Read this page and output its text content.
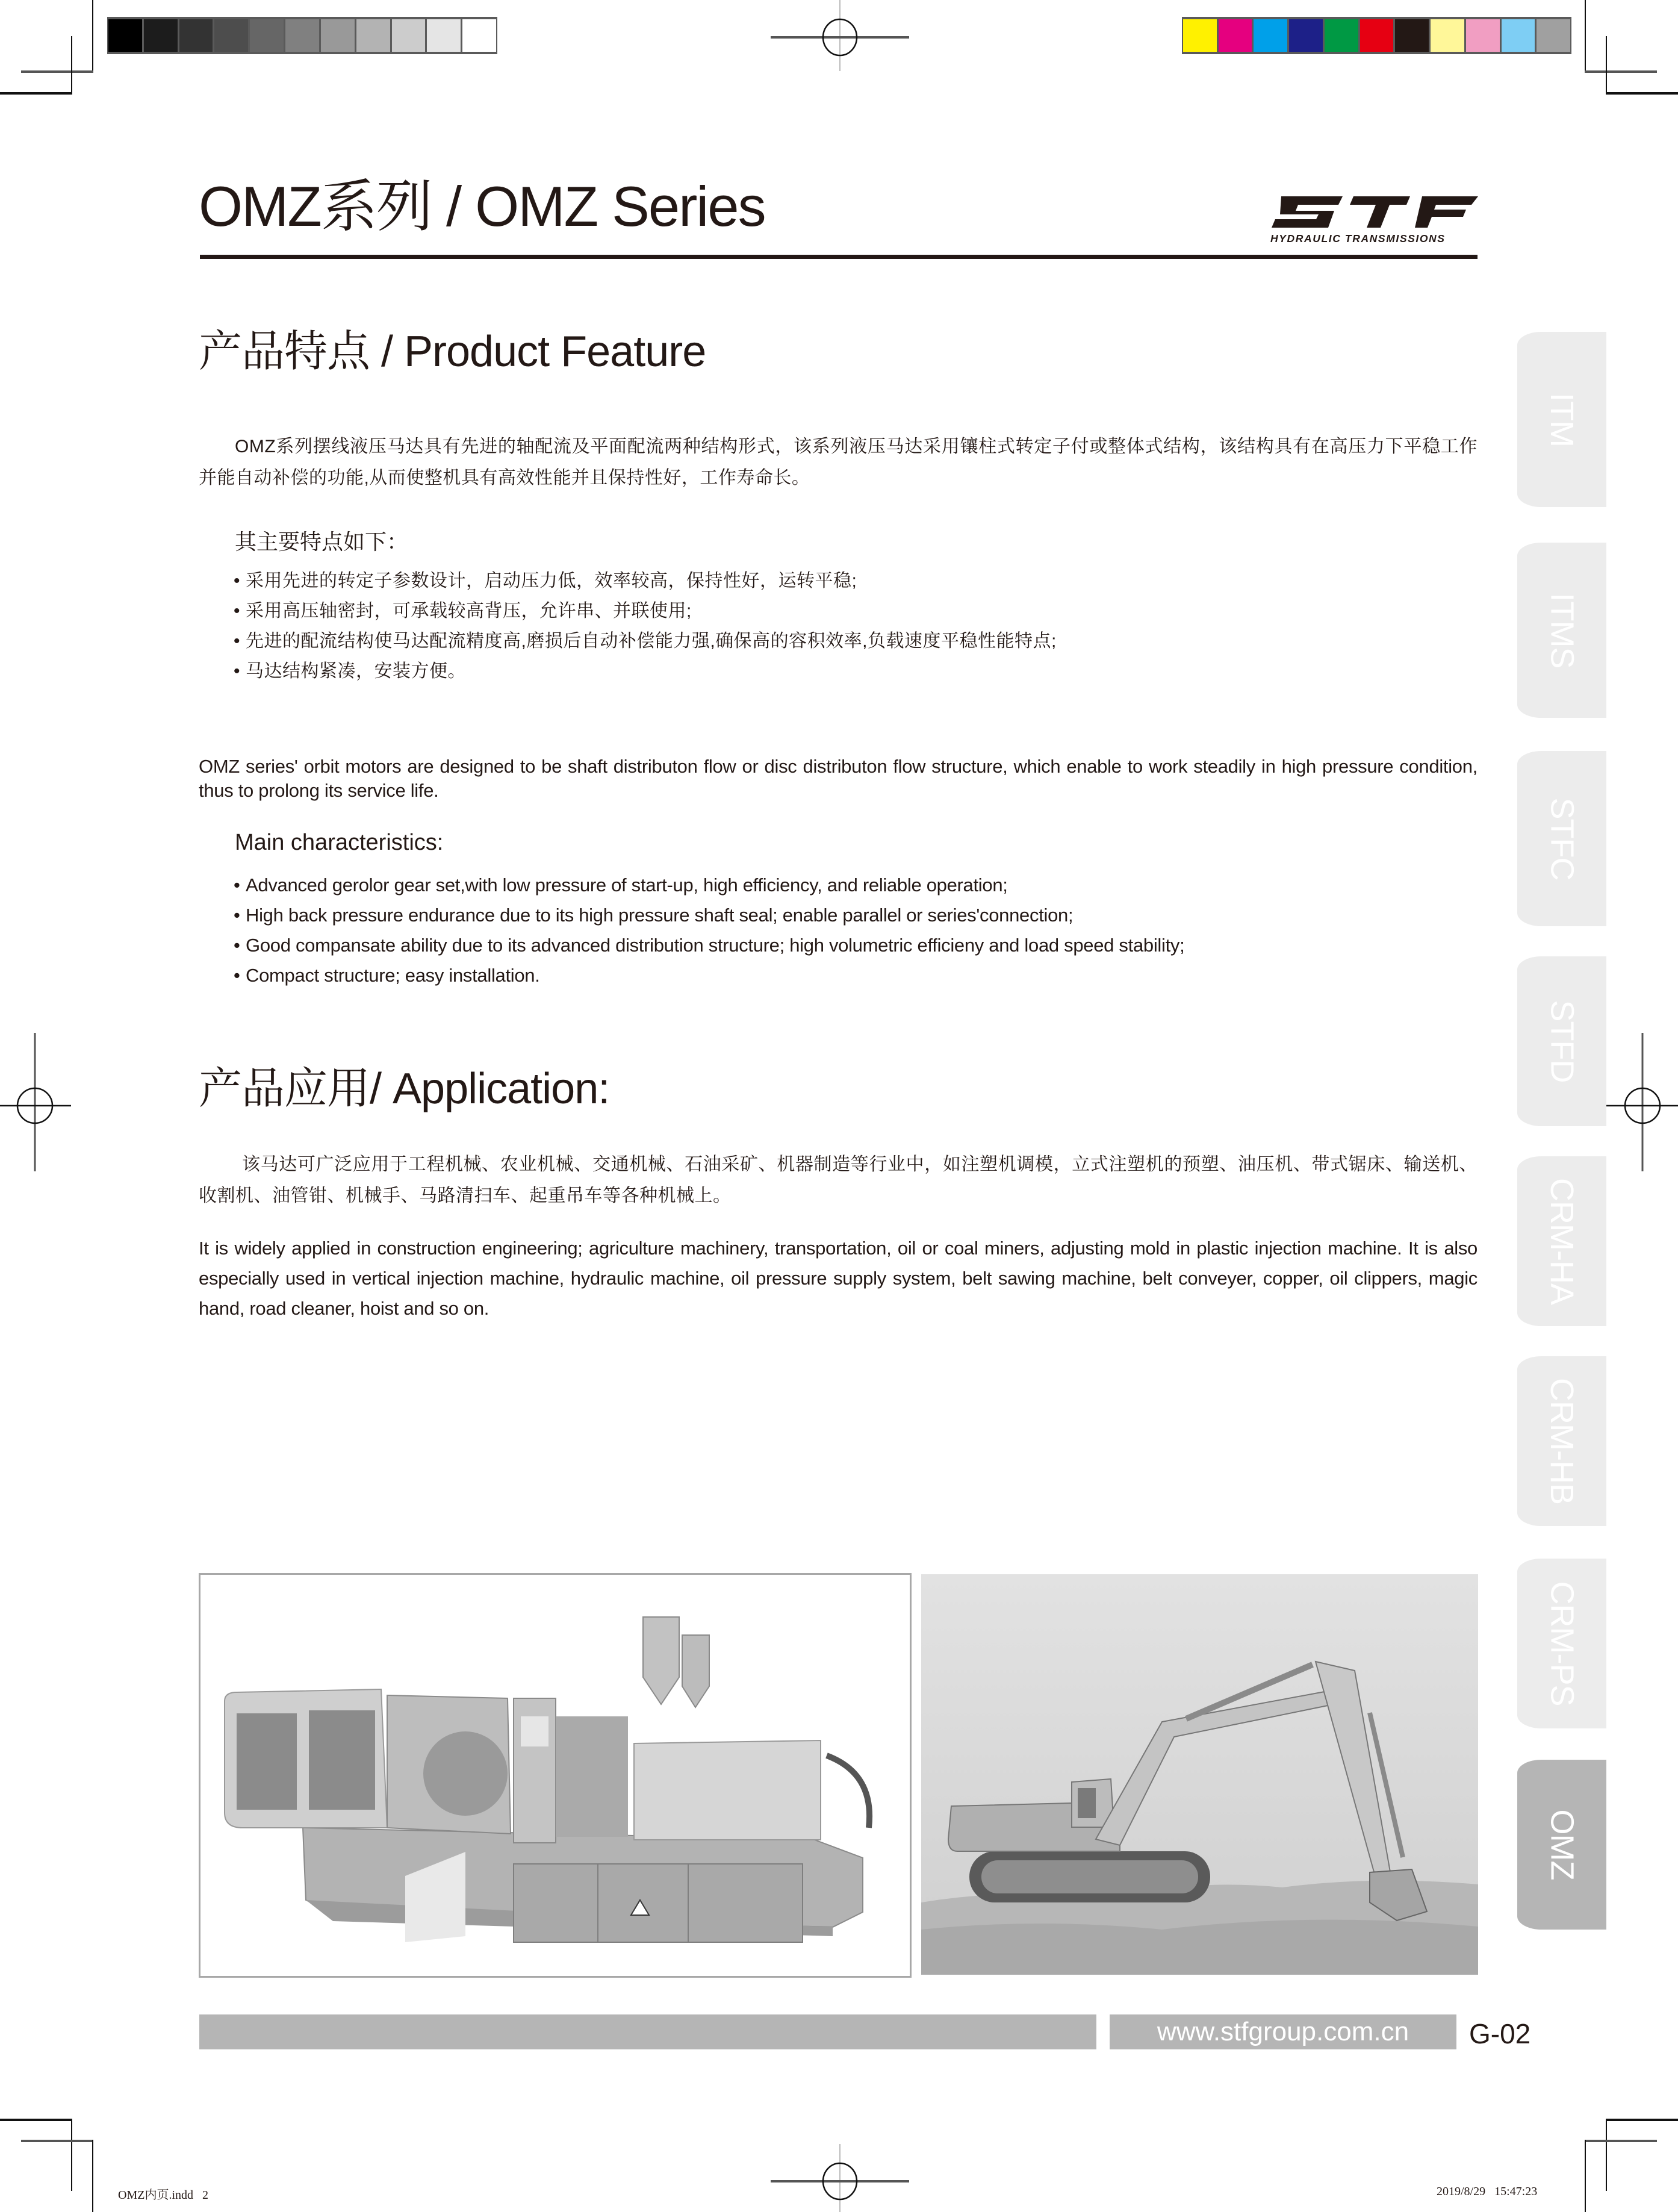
OMZ系列 / OMZ Series
HYDRAULIC TRANSMISSIONS
产品特点 / Product Feature
OMZ系列摆线液压马达具有先进的轴配流及平面配流两种结构形式，该系列液压马达采用镶柱式转定子付或整体式结构，该结构具有在高压力下平稳工作并能自动补偿的功能,从而使整机具有高效性能并且保持性好，工作寿命长。
其主要特点如下：
• 采用先进的转定子参数设计，启动压力低，效率较高，保持性好，运转平稳;
• 采用高压轴密封，可承载较高背压，允许串、并联使用;
• 先进的配流结构使马达配流精度高,磨损后自动补偿能力强,确保高的容积效率,负载速度平稳性能特点;
• 马达结构紧凑，安装方便。
OMZ series' orbit motors are designed to be shaft distributon flow or disc distributon flow structure, which enable to work steadily in high pressure condition, thus to prolong its service life.
Main characteristics:
• Advanced gerolor gear set,with low pressure of start-up, high efficiency, and reliable operation;
• High back pressure endurance due to its high pressure shaft seal; enable parallel or series'connection;
• Good compansate ability due to its advanced distribution structure; high volumetric efficieny and load speed stability;
• Compact structure; easy installation.
产品应用/ Application:
该马达可广泛应用于工程机械、农业机械、交通机械、石油采矿、机器制造等行业中，如注塑机调模，立式注塑机的预塑、油压机、带式锯床、输送机、收割机、油管钳、机械手、马路清扫车、起重吊车等各种机械上。
It is widely applied in construction engineering; agriculture machinery, transportation, oil or coal miners, adjusting mold in plastic injection machine. It is also especially used in vertical injection machine, hydraulic machine, oil pressure supply system, belt sawing machine, belt conveyer, copper, oil clippers, magic hand, road cleaner, hoist and so on.
ITM
ITMS
STFC
STFD
CRM-HA
CRM-HB
CRM-PS
OMZ
www.stfgroup.com.cn	G-02
OMZ内页.indd   2	2019/8/29   15:47:23
